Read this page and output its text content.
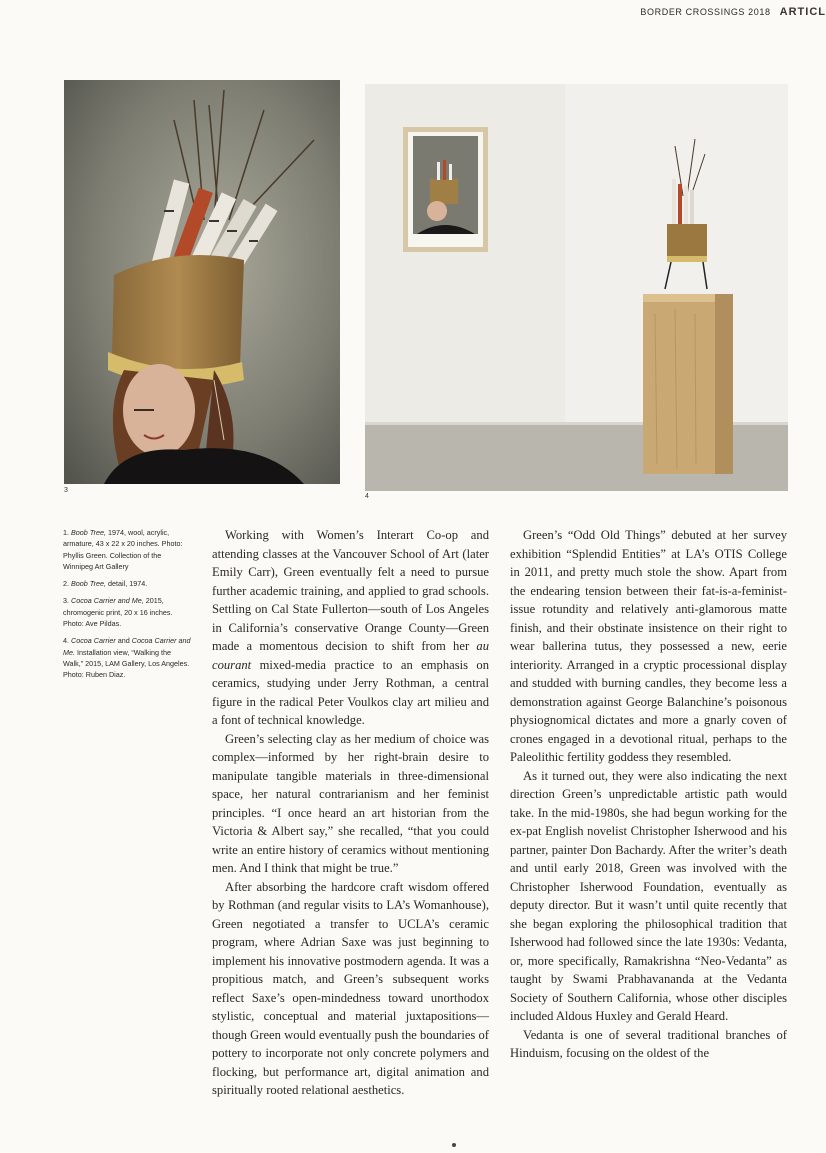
BORDER CROSSINGS 2018 ARTICL
3
4

1. Boob Tree, 1974, wool, acrylic, armature, 43 x 22 x 20 inches. Photo: Phyllis Green. Collection of the Winnipeg Art Gallery

2. Boob Tree, detail, 1974.

3. Cocoa Carrier and Me, 2015, chromogenic print, 20 x 16 inches. Photo: Ave Pildas.

4. Cocoa Carrier and Cocoa Carrier and Me. Installation view, “Walking the Walk,” 2015, LAM Gallery, Los Angeles. Photo: Ruben Diaz.

Working with Women’s Interart Co-op and attending classes at the Vancouver School of Art (later Emily Carr), Green eventually felt a need to pursue further academic training, and applied to grad schools. Settling on Cal State Fullerton—south of Los Angeles in California’s conservative Orange County—Green made a momentous decision to shift from her au courant mixed-media practice to an emphasis on ceramics, studying under Jerry Rothman, a central figure in the radical Peter Voulkos clay art milieu and a font of technical knowledge.

Green’s selecting clay as her medium of choice was complex—informed by her right-brain desire to manipulate tangible materials in three-dimensional space, her natural contrarianism and her feminist principles. “I once heard an art historian from the Victoria & Albert say,” she recalled, “that you could write an entire history of ceramics without mentioning men. And I think that might be true.”

After absorbing the hardcore craft wisdom offered by Rothman (and regular visits to LA’s Womanhouse), Green negotiated a transfer to UCLA’s ceramic program, where Adrian Saxe was just beginning to implement his innovative postmodern agenda. It was a propitious match, and Green’s subsequent works reflect Saxe’s open-mindedness toward unorthodox stylistic, conceptual and material juxtapositions—though Green would eventually push the boundaries of pottery to incorporate not only concrete polymers and flocking, but performance art, digital animation and spiritually rooted relational aesthetics.

Green’s “Odd Old Things” debuted at her survey exhibition “Splendid Entities” at LA’s OTIS College in 2011, and pretty much stole the show. Apart from the endearing tension between their fat-is-a-feminist-issue rotundity and relatively anti-glamorous matte finish, and their obstinate insistence on their right to wear ballerina tutus, they possessed a new, eerie interiority. Arranged in a cryptic processional display and studded with burning candles, they become less a demonstration against George Balanchine’s poisonous physiognomical dictates and more a gnarly coven of crones engaged in a devotional ritual, perhaps to the Paleolithic fertility goddess they resembled.

As it turned out, they were also indicating the next direction Green’s unpredictable artistic path would take. In the mid-1980s, she had begun working for the ex-pat English novelist Christopher Isherwood and his partner, painter Don Bachardy. After the writer’s death and until early 2018, Green was involved with the Christopher Isherwood Foundation, eventually as deputy director. But it wasn’t until quite recently that she began exploring the philosophical tradition that Isherwood had followed since the late 1930s: Vedanta, or, more specifically, Ramakrishna “Neo-Vedanta” as taught by Swami Prabhavananda at the Vedanta Society of Southern California, whose other disciples included Aldous Huxley and Gerald Heard.

Vedanta is one of several traditional branches of Hinduism, focusing on the oldest of the
